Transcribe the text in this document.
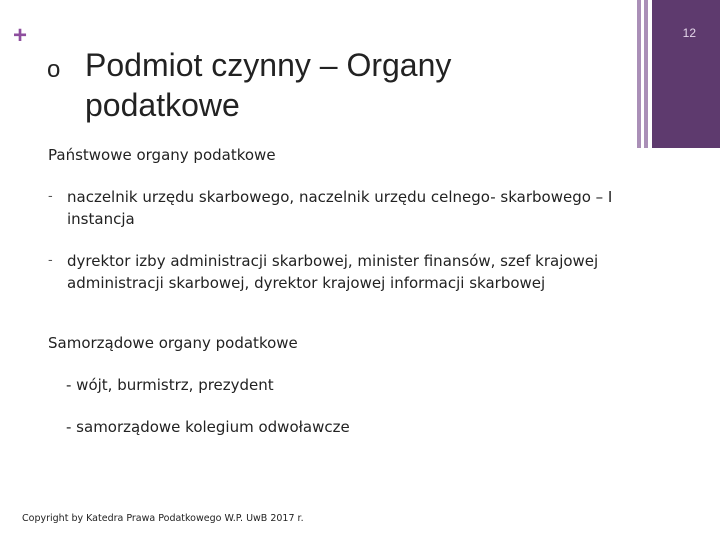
+	12
o Podmiot czynny – Organy podatkowe
Państwowe organy podatkowe
- naczelnik urzędu skarbowego, naczelnik urzędu celnego- skarbowego – I instancja
- dyrektor izby administracji skarbowej, minister finansów, szef krajowej administracji skarbowej, dyrektor krajowej informacji skarbowej
Samorządowe organy podatkowe
- wójt, burmistrz, prezydent
- samorządowe kolegium odwoławcze
Copyright by Katedra Prawa Podatkowego W.P. UwB 2017 r.
